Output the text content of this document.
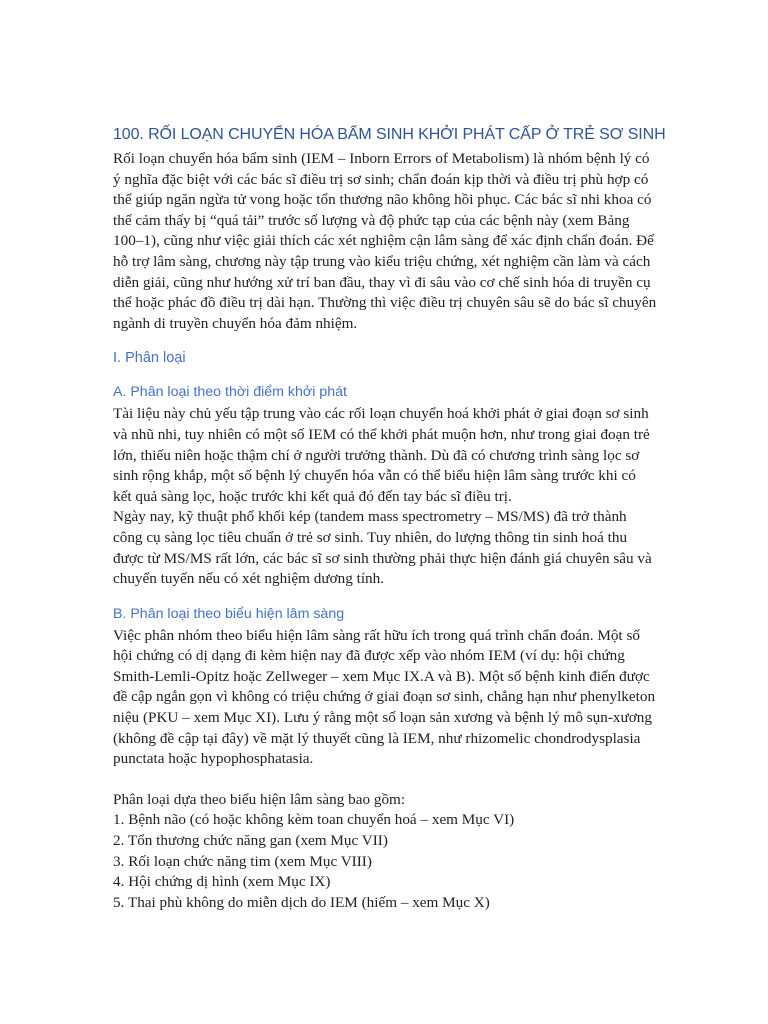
100. RỐI LOẠN CHUYỂN HÓA BẨM SINH KHỞI PHÁT CẤP Ở TRẺ SƠ SINH

Rối loạn chuyển hóa bẩm sinh (IEM – Inborn Errors of Metabolism) là nhóm bệnh lý có ý nghĩa đặc biệt với các bác sĩ điều trị sơ sinh; chẩn đoán kịp thời và điều trị phù hợp có thể giúp ngăn ngừa tử vong hoặc tổn thương não không hồi phục. Các bác sĩ nhi khoa có thể cảm thấy bị “quá tải” trước số lượng và độ phức tạp của các bệnh này (xem Bảng 100–1), cũng như việc giải thích các xét nghiệm cận lâm sàng để xác định chẩn đoán. Để hỗ trợ lâm sàng, chương này tập trung vào kiểu triệu chứng, xét nghiệm cần làm và cách diễn giải, cũng như hướng xử trí ban đầu, thay vì đi sâu vào cơ chế sinh hóa di truyền cụ thể hoặc phác đồ điều trị dài hạn. Thường thì việc điều trị chuyên sâu sẽ do bác sĩ chuyên ngành di truyền chuyển hóa đảm nhiệm.

I. Phân loại
A. Phân loại theo thời điểm khởi phát

Tài liệu này chủ yếu tập trung vào các rối loạn chuyển hoá khởi phát ở giai đoạn sơ sinh và nhũ nhi, tuy nhiên có một số IEM có thể khởi phát muộn hơn, như trong giai đoạn trẻ lớn, thiếu niên hoặc thậm chí ở người trưởng thành. Dù đã có chương trình sàng lọc sơ sinh rộng khắp, một số bệnh lý chuyển hóa vẫn có thể biểu hiện lâm sàng trước khi có kết quả sàng lọc, hoặc trước khi kết quả đó đến tay bác sĩ điều trị.

Ngày nay, kỹ thuật phổ khối kép (tandem mass spectrometry – MS/MS) đã trở thành công cụ sàng lọc tiêu chuẩn ở trẻ sơ sinh. Tuy nhiên, do lượng thông tin sinh hoá thu được từ MS/MS rất lớn, các bác sĩ sơ sinh thường phải thực hiện đánh giá chuyên sâu và chuyển tuyến nếu có xét nghiệm dương tính.

B. Phân loại theo biểu hiện lâm sàng

Việc phân nhóm theo biểu hiện lâm sàng rất hữu ích trong quá trình chẩn đoán. Một số hội chứng có dị dạng đi kèm hiện nay đã được xếp vào nhóm IEM (ví dụ: hội chứng Smith-Lemli-Opitz hoặc Zellweger – xem Mục IX.A và B). Một số bệnh kinh điển được đề cập ngắn gọn vì không có triệu chứng ở giai đoạn sơ sinh, chẳng hạn như phenylketon niệu (PKU – xem Mục XI). Lưu ý rằng một số loạn sản xương và bệnh lý mô sụn-xương (không đề cập tại đây) về mặt lý thuyết cũng là IEM, như rhizomelic chondrodysplasia punctata hoặc hypophosphatasia.

Phân loại dựa theo biểu hiện lâm sàng bao gồm:

1. Bệnh não (có hoặc không kèm toan chuyển hoá – xem Mục VI)

2. Tổn thương chức năng gan (xem Mục VII)

3. Rối loạn chức năng tim (xem Mục VIII)

4. Hội chứng dị hình (xem Mục IX)

5. Thai phù không do miễn dịch do IEM (hiếm – xem Mục X)
